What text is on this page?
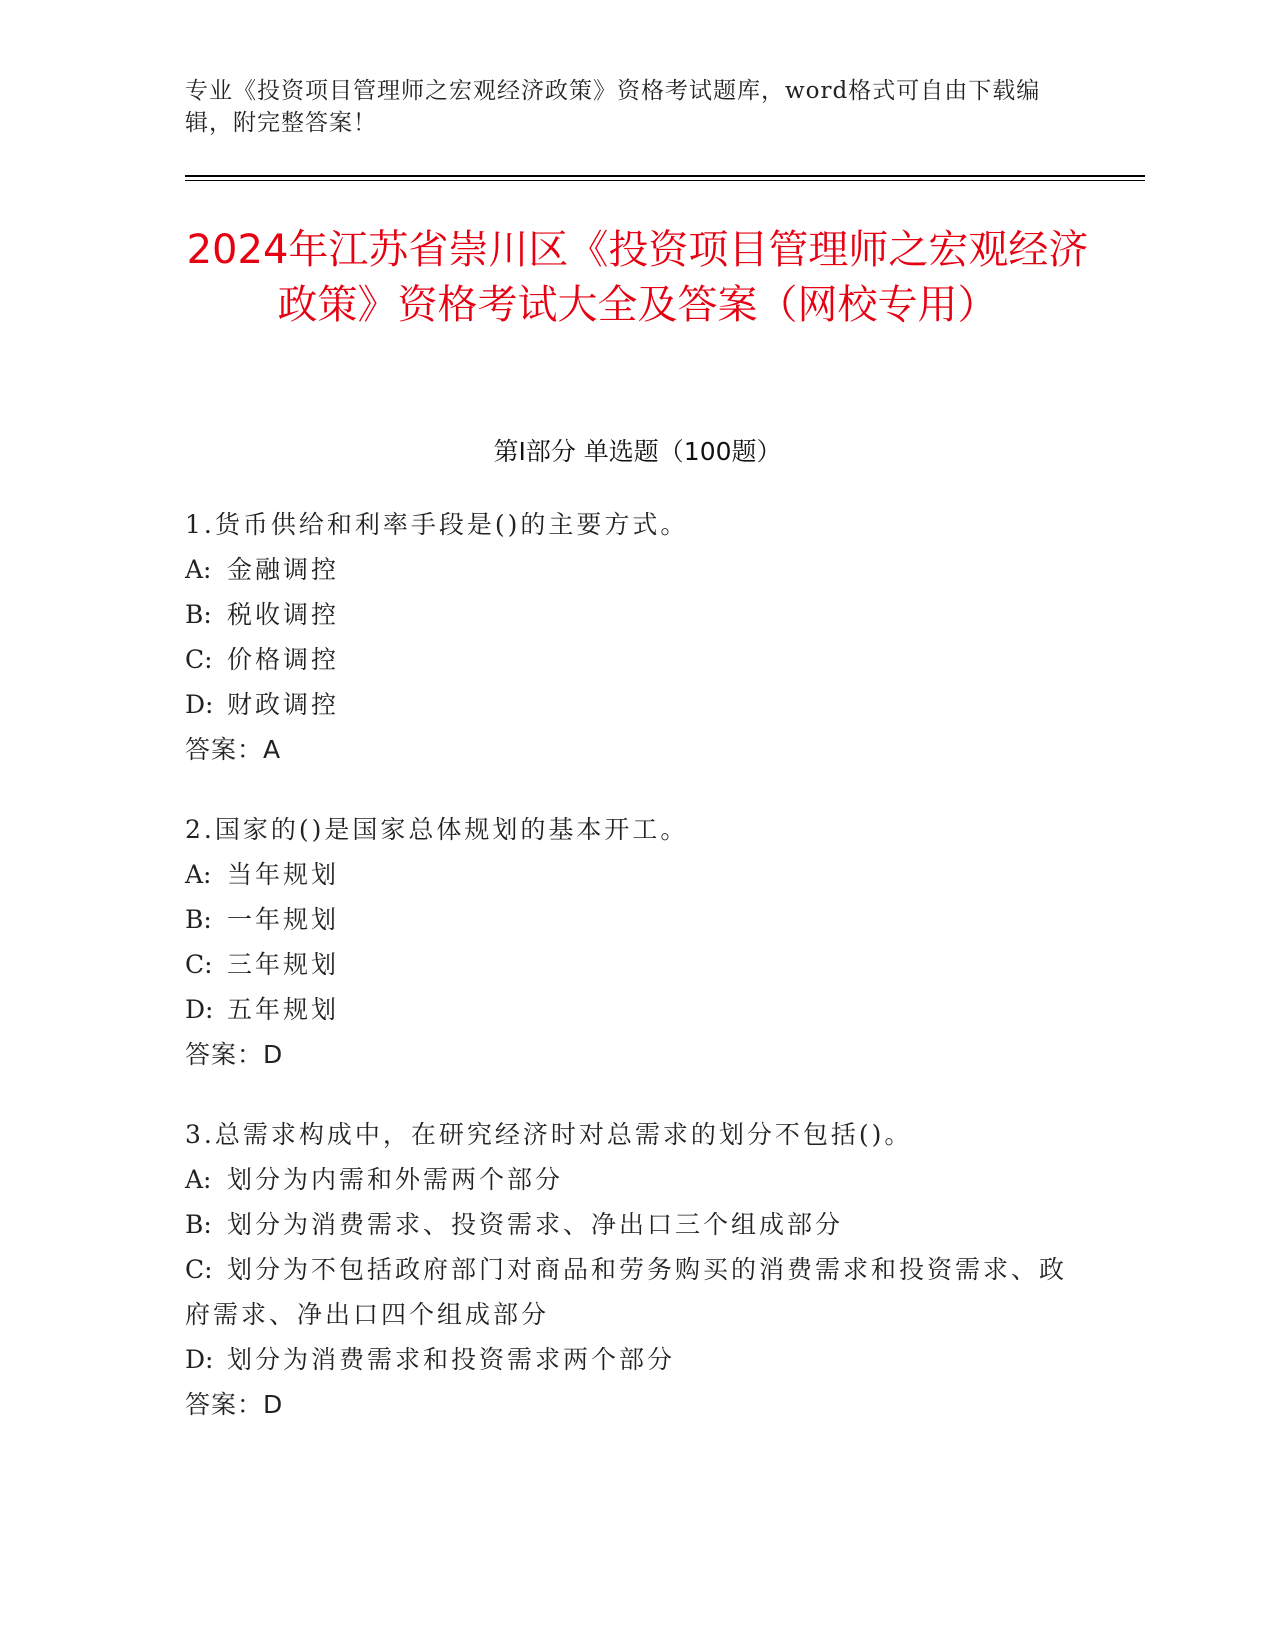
专业《投资项目管理师之宏观经济政策》资格考试题库，word格式可自由下载编辑，附完整答案！
2024年江苏省崇川区《投资项目管理师之宏观经济政策》资格考试大全及答案（网校专用）
第Ⅰ部分 单选题（100题）
1.货币供给和利率手段是()的主要方式。
A: 金融调控
B: 税收调控
C: 价格调控
D: 财政调控
答案：A
2.国家的()是国家总体规划的基本开工。
A: 当年规划
B: 一年规划
C: 三年规划
D: 五年规划
答案：D
3.总需求构成中，在研究经济时对总需求的划分不包括()。
A: 划分为内需和外需两个部分
B: 划分为消费需求、投资需求、净出口三个组成部分
C: 划分为不包括政府部门对商品和劳务购买的消费需求和投资需求、政府需求、净出口四个组成部分
D: 划分为消费需求和投资需求两个部分
答案：D
